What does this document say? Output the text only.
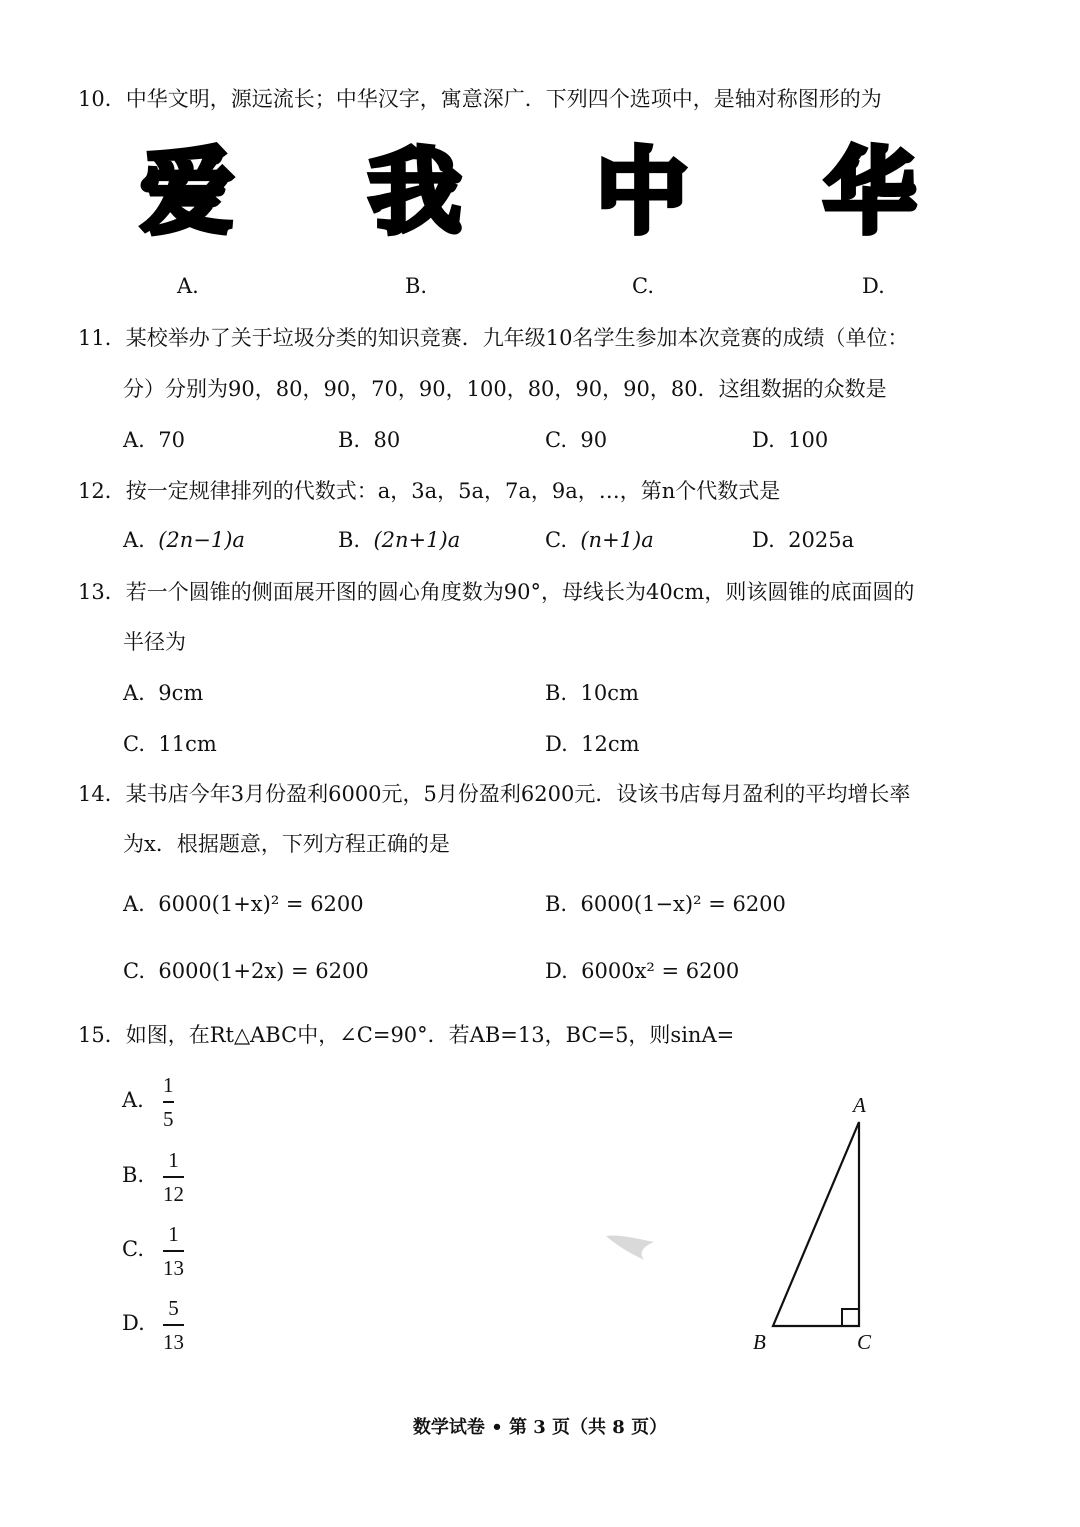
10．中华文明，源远流长；中华汉字，寓意深广．下列四个选项中，是轴对称图形的为
爱 我 中 华
A.	B.	C.	D.
11．某校举办了关于垃圾分类的知识竞赛．九年级10名学生参加本次竞赛的成绩（单位：
分）分别为90，80，90，70，90，100，80，90，90，80．这组数据的众数是
A. 70	B. 80	C. 90	D. 100
12．按一定规律排列的代数式：a，3a，5a，7a，9a，…，第n个代数式是
A. (2n−1)a	B. (2n+1)a	C. (n+1)a	D. 2025a
13．若一个圆锥的侧面展开图的圆心角度数为90°，母线长为40cm，则该圆锥的底面圆的
半径为
A. 9cm	B. 10cm
C. 11cm	D. 12cm
14．某书店今年3月份盈利6000元，5月份盈利6200元．设该书店每月盈利的平均增长率
为x．根据题意，下列方程正确的是
A. 6000(1+x)² = 6200	B. 6000(1−x)² = 6200
C. 6000(1+2x) = 6200	D. 6000x² = 6200
15．如图，在Rt△ABC中，∠C=90°．若AB=13，BC=5，则sinA=
A.
1
5
B.
1
12
C.
1
13
D.
5
13
A
B	C
数学试卷 • 第 3 页（共 8 页）
